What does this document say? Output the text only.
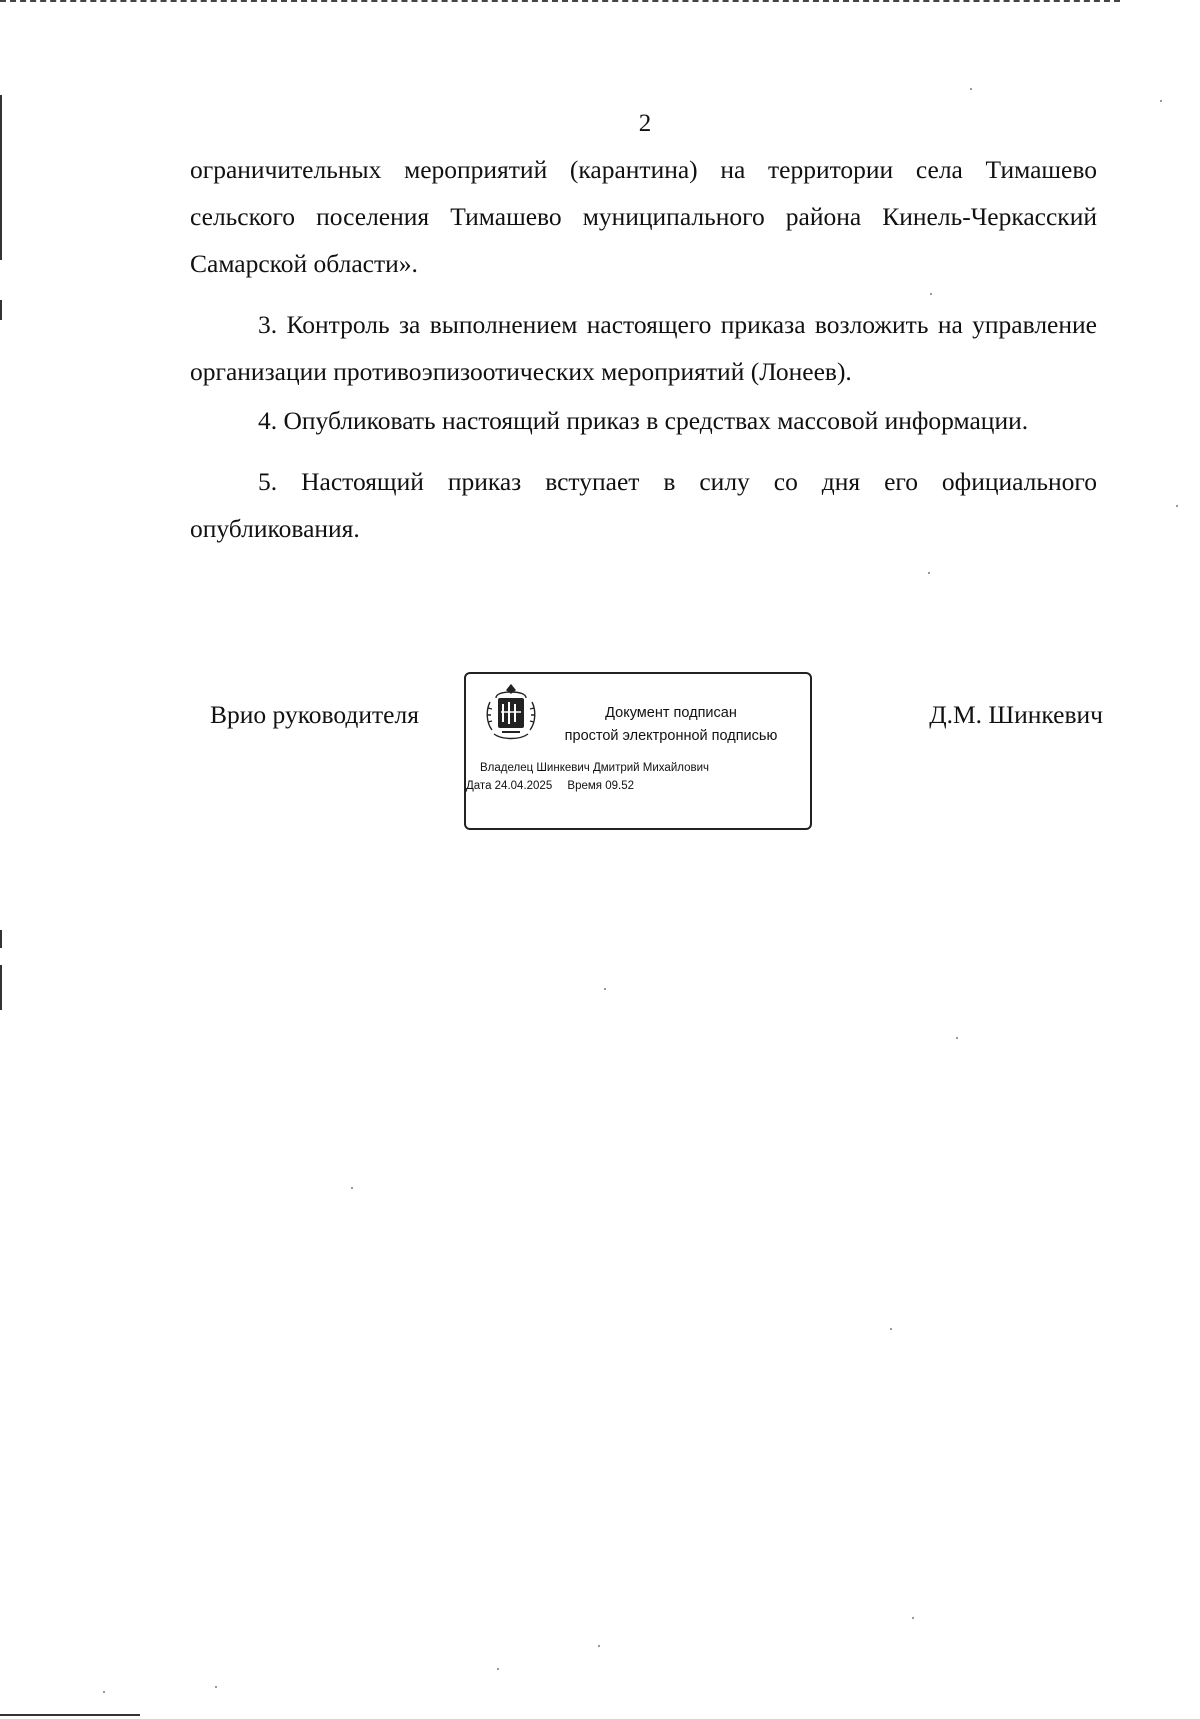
2

ограничительных мероприятий (карантина) на территории села Тимашево сельского поселения Тимашево муниципального района Кинель-Черкасский Самарской области».

3. Контроль за выполнением настоящего приказа возложить на управление организации противоэпизоотических мероприятий (Лонеев).

4. Опубликовать настоящий приказ в средствах массовой информации.

5. Настоящий приказ вступает в силу со дня его официального опубликования.

Врио руководителя	Документ подписан
простой электронной подписью
Владелец Шинкевич Дмитрий Михайлович
Дата 24.04.2025 Время 09.52
Д.М. Шинкевич
